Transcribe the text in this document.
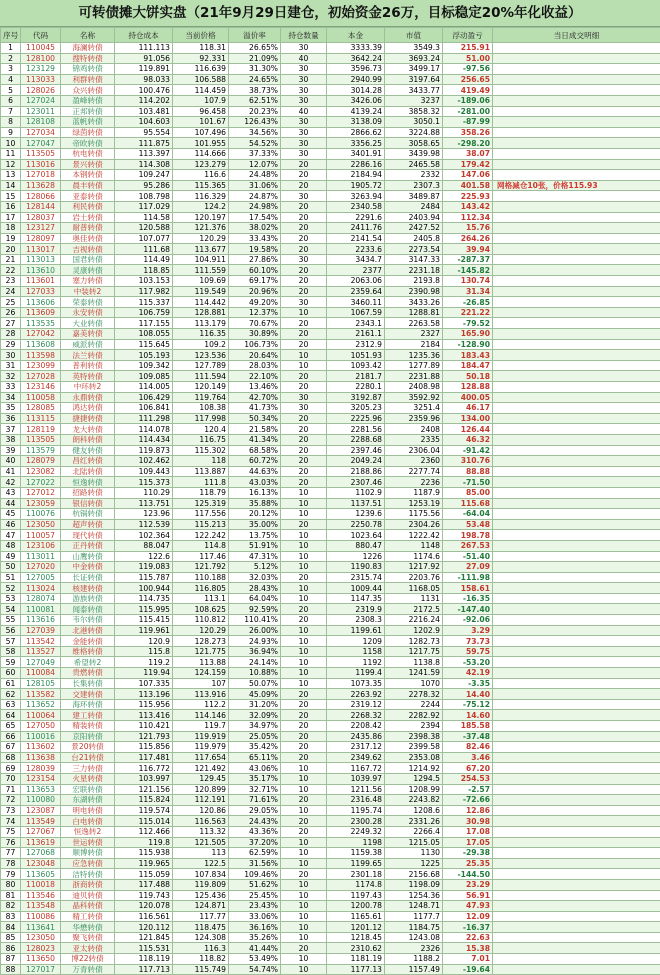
可转债摊大饼实盘（21年9月29日建仓，初始资金26万，目标稳定20%年化收益）
序号	代码	名称	持仓成本	当前价格	溢价率	持仓数量	本金	市值	浮动盈亏	当日成交明细
1	110045	海澜转债	111.113	118.31	26.65%	30	3333.39	3549.3	215.91	
2	128100	搜特转债	91.056	92.331	21.09%	40	3642.24	3693.24	51.00	
3	123129	锦鸡转债	119.891	116.639	31.30%	30	3596.73	3499.17	-97.56	
4	113033	利群转债	98.033	106.588	24.65%	30	2940.99	3197.64	256.65	
5	128026	众兴转债	100.476	114.459	38.73%	30	3014.28	3433.77	419.49	
6	127024	盈峰转债	114.202	107.9	62.51%	30	3426.06	3237	-189.06	
7	123011	正邦转债	103.481	96.458	20.23%	40	4139.24	3858.32	-281.00	
8	128108	蓝帆转债	104.603	101.67	126.43%	30	3138.09	3050.1	-87.99	
9	127034	绿茵转债	95.554	107.496	34.56%	30	2866.62	3224.88	358.26	
10	127047	帝欧转债	111.875	101.955	54.52%	30	3356.25	3058.65	-298.20	
11	113505	杭电转债	113.397	114.666	37.33%	30	3401.91	3439.98	38.07	
12	113016	景兴转债	114.308	123.279	12.07%	20	2286.16	2465.58	179.42	
13	127018	本钢转债	109.247	116.6	24.48%	20	2184.94	2332	147.06	
14	113628	晨丰转债	95.286	115.365	31.06%	20	1905.72	2307.3	401.58	网格减仓10张，价格115.93
15	128066	亚泰转债	108.798	116.329	24.87%	30	3263.94	3489.87	225.93	
16	128144	利民转债	117.029	124.2	24.98%	20	2340.58	2484	143.42	
17	128037	岩土转债	114.58	120.197	17.54%	20	2291.6	2403.94	112.34	
18	123127	耐普转债	120.588	121.376	38.02%	20	2411.76	2427.52	15.76	
19	128097	奥佳转债	107.077	120.29	33.43%	20	2141.54	2405.8	264.26	
20	113017	吉视转债	111.68	113.677	19.58%	20	2233.6	2273.54	39.94	
21	113013	国君转债	114.49	104.911	27.86%	30	3434.7	3147.33	-287.37	
22	113610	灵康转债	118.85	111.559	60.10%	20	2377	2231.18	-145.82	
23	113601	塞力转债	103.153	109.69	69.17%	20	2063.06	2193.8	130.74	
24	127033	中装转2	117.982	119.549	20.96%	20	2359.64	2390.98	31.34	
25	113606	荣泰转债	115.337	114.442	49.20%	30	3460.11	3433.26	-26.85	
26	113609	永安转债	106.759	128.881	12.37%	10	1067.59	1288.81	221.22	
27	113535	大业转债	117.155	113.179	70.67%	20	2343.1	2263.58	-79.52	
28	127042	嘉美转债	108.055	116.35	30.89%	20	2161.1	2327	165.90	
29	113608	威派转债	115.645	109.2	106.73%	20	2312.9	2184	-128.90	
30	113598	法兰转债	105.193	123.536	20.64%	10	1051.93	1235.36	183.43	
31	123099	普利转债	109.342	127.789	28.03%	10	1093.42	1277.89	184.47	
32	127028	英特转债	109.085	111.594	22.10%	20	2181.7	2231.88	50.18	
33	123146	中环转2	114.005	120.149	13.46%	20	2280.1	2408.98	128.88	
34	110058	永鼎转债	106.429	119.764	42.70%	30	3192.87	3592.92	400.05	
35	128085	鸿达转债	106.841	108.38	41.73%	30	3205.23	3251.4	46.17	
36	113115	捷捷转债	111.298	117.998	50.34%	20	2225.96	2359.96	134.00	
37	128119	龙大转债	114.078	120.4	21.58%	20	2281.56	2408	126.44	
38	113505	朗科转债	114.434	116.75	41.34%	20	2288.68	2335	46.32	
39	113579	健友转债	119.873	115.302	68.58%	20	2397.46	2306.04	-91.42	
40	128079	昌红转债	102.462	118	60.72%	20	2049.24	2360	310.76	
41	123082	北陆转债	109.443	113.887	44.63%	20	2188.86	2277.74	88.88	
42	127022	恒逸转债	115.373	111.8	43.03%	20	2307.46	2236	-71.50	
43	127012	招路转债	110.29	118.79	16.13%	10	1102.9	1187.9	85.00	
44	123059	银信转债	113.751	125.319	35.88%	10	1137.51	1253.19	115.68	
45	110076	杭锅转债	123.96	117.556	20.12%	10	1239.6	1175.56	-64.04	
46	123050	超声转债	112.539	115.213	35.00%	20	2250.78	2304.26	53.48	
47	110057	现代转债	102.364	122.242	13.75%	10	1023.64	1222.42	198.78	
48	123106	正丹转债	88.047	114.8	51.91%	10	880.47	1148	267.53	
49	113011	山鹰转债	122.6	117.46	47.31%	10	1226	1174.6	-51.40	
50	127020	中金转债	119.083	121.792	5.12%	10	1190.83	1217.92	27.09	
51	127005	长证转债	115.787	110.188	32.03%	20	2315.74	2203.76	-111.98	
52	113024	核建转债	100.944	116.805	28.43%	10	1009.44	1168.05	158.61	
53	128074	游族转债	114.735	113.1	64.04%	10	1147.35	1131	-16.35	
54	110081	闻泰转债	115.995	108.625	92.59%	20	2319.9	2172.5	-147.40	
55	113616	韦尔转债	115.415	110.812	110.41%	20	2308.3	2216.24	-92.06	
56	127039	北港转债	119.961	120.29	26.00%	10	1199.61	1202.9	3.29	
57	113542	金能转债	120.9	128.273	24.93%	10	1209	1282.73	73.73	
58	113527	维格转债	115.8	121.775	36.94%	10	1158	1217.75	59.75	
59	127049	希望转2	119.2	113.88	24.14%	10	1192	1138.8	-53.20	
60	110084	贵燃转债	119.94	124.159	10.88%	10	1199.4	1241.59	42.19	
61	128105	长集转债	107.335	107	50.07%	10	1073.35	1070	-3.35	
62	113582	交建转债	113.196	113.916	45.09%	20	2263.92	2278.32	14.40	
63	113652	海环转债	115.956	112.2	31.20%	20	2319.12	2244	-75.12	
64	110064	建工转债	113.416	114.146	32.09%	20	2268.32	2282.92	14.60	
65	127050	精装转债	110.421	119.7	34.97%	20	2208.42	2394	185.58	
66	110016	京阳转债	121.793	119.919	25.05%	20	2435.86	2398.38	-37.48	
67	113602	景20转债	115.856	119.979	35.42%	20	2317.12	2399.58	82.46	
68	113638	台21转债	117.481	117.654	65.11%	20	2349.62	2353.08	3.46	
69	128039	三力转债	116.772	121.492	43.06%	10	1167.72	1214.92	67.20	
70	123154	火星转债	103.997	129.45	35.17%	10	1039.97	1294.5	254.53	
71	113653	宏联转债	121.156	120.899	32.71%	10	1211.56	1208.99	-2.57	
72	110080	东湖转债	115.824	112.191	71.61%	20	2316.48	2243.82	-72.66	
73	123087	明电转债	119.574	120.86	29.05%	10	1195.74	1208.6	12.86	
74	113549	白电转债	115.014	116.563	24.43%	20	2300.28	2331.26	30.98	
75	127067	恒逸转2	112.466	113.32	43.36%	20	2249.32	2266.4	17.08	
76	113619	世运转债	119.8	121.505	37.20%	10	1198	1215.05	17.05	
77	127068	顺博转债	115.938	113	62.59%	10	1159.38	1130	-29.38	
78	123048	应急转债	119.965	122.5	31.56%	10	1199.65	1225	25.35	
79	113605	洁特转债	115.059	107.834	109.46%	20	2301.18	2156.68	-144.50	
80	110018	浙商转债	117.488	119.809	51.62%	10	1174.8	1198.09	23.29	
81	113546	迪贝转债	119.743	125.436	25.45%	10	1197.43	1254.36	56.91	
82	113548	晶科转债	120.078	124.871	23.43%	10	1200.78	1248.71	47.93	
83	110086	精工转债	116.561	117.77	33.06%	10	1165.61	1177.7	12.09	
84	113641	华懋转债	120.112	118.475	36.16%	10	1201.12	1184.75	-16.37	
85	123050	聚飞转债	121.845	124.308	35.26%	10	1218.45	1243.08	22.63	
86	128023	亚太转债	115.531	116.3	41.44%	20	2310.62	2326	15.38	
87	113650	博22转债	118.119	118.82	53.49%	10	1181.19	1188.2	7.01	
88	127017	万青转债	117.713	115.749	54.74%	10	1177.13	1157.49	-19.64	
